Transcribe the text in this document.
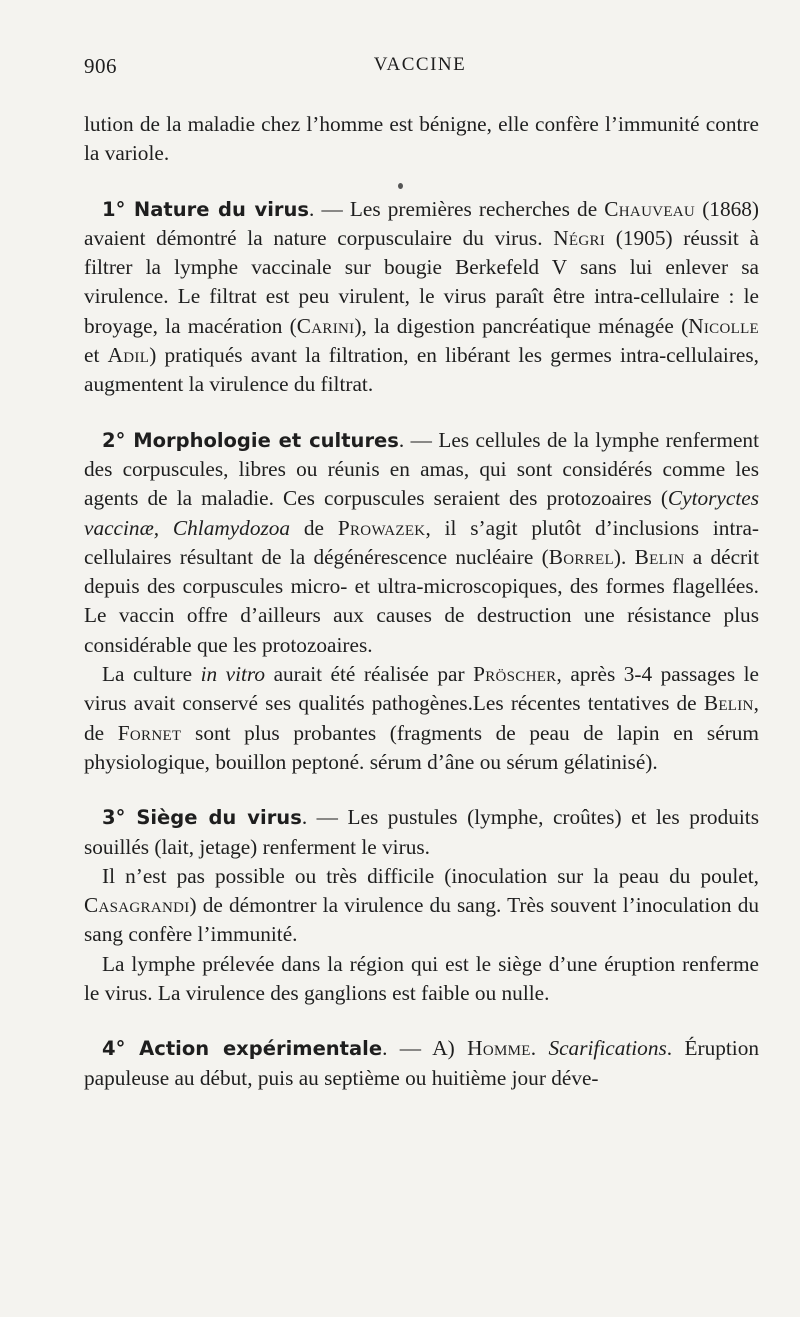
906	VACCINE

lution de la maladie chez l’homme est bénigne, elle confère l’immunité contre la variole.

1° Nature du virus. — Les premières recherches de Chauveau (1868) avaient démontré la nature corpusculaire du virus. Négri (1905) réussit à filtrer la lymphe vaccinale sur bougie Berkefeld V sans lui enlever sa virulence. Le filtrat est peu virulent, le virus paraît être intra-cellulaire : le broyage, la macération (Carini), la digestion pancréatique ménagée (Nicolle et Adil) pratiqués avant la filtration, en libérant les germes intra-cellulaires, augmentent la virulence du filtrat.

2° Morphologie et cultures. — Les cellules de la lymphe renferment des corpuscules, libres ou réunis en amas, qui sont considérés comme les agents de la maladie. Ces corpuscules seraient des protozoaires (Cytoryctes vaccinæ, Chlamydozoa de Prowazek, il s’agit plutôt d’inclusions intra-cellulaires résultant de la dégénérescence nucléaire (Borrel). Belin a décrit depuis des corpuscules micro- et ultra-microscopiques, des formes flagellées. Le vaccin offre d’ailleurs aux causes de destruction une résistance plus considérable que les protozoaires.

La culture in vitro aurait été réalisée par Pröscher, après 3-4 passages le virus avait conservé ses qualités pathogènes.Les récentes tentatives de Belin, de Fornet sont plus probantes (fragments de peau de lapin en sérum physiologique, bouillon peptoné. sérum d’âne ou sérum gélatinisé).

3° Siège du virus. — Les pustules (lymphe, croûtes) et les produits souillés (lait, jetage) renferment le virus.

Il n’est pas possible ou très difficile (inoculation sur la peau du poulet, Casagrandi) de démontrer la virulence du sang. Très souvent l’inoculation du sang confère l’immunité.

La lymphe prélevée dans la région qui est le siège d’une éruption renferme le virus. La virulence des ganglions est faible ou nulle.

4° Action expérimentale. — A) Homme. Scarifications. Éruption papuleuse au début, puis au septième ou huitième jour déve-
